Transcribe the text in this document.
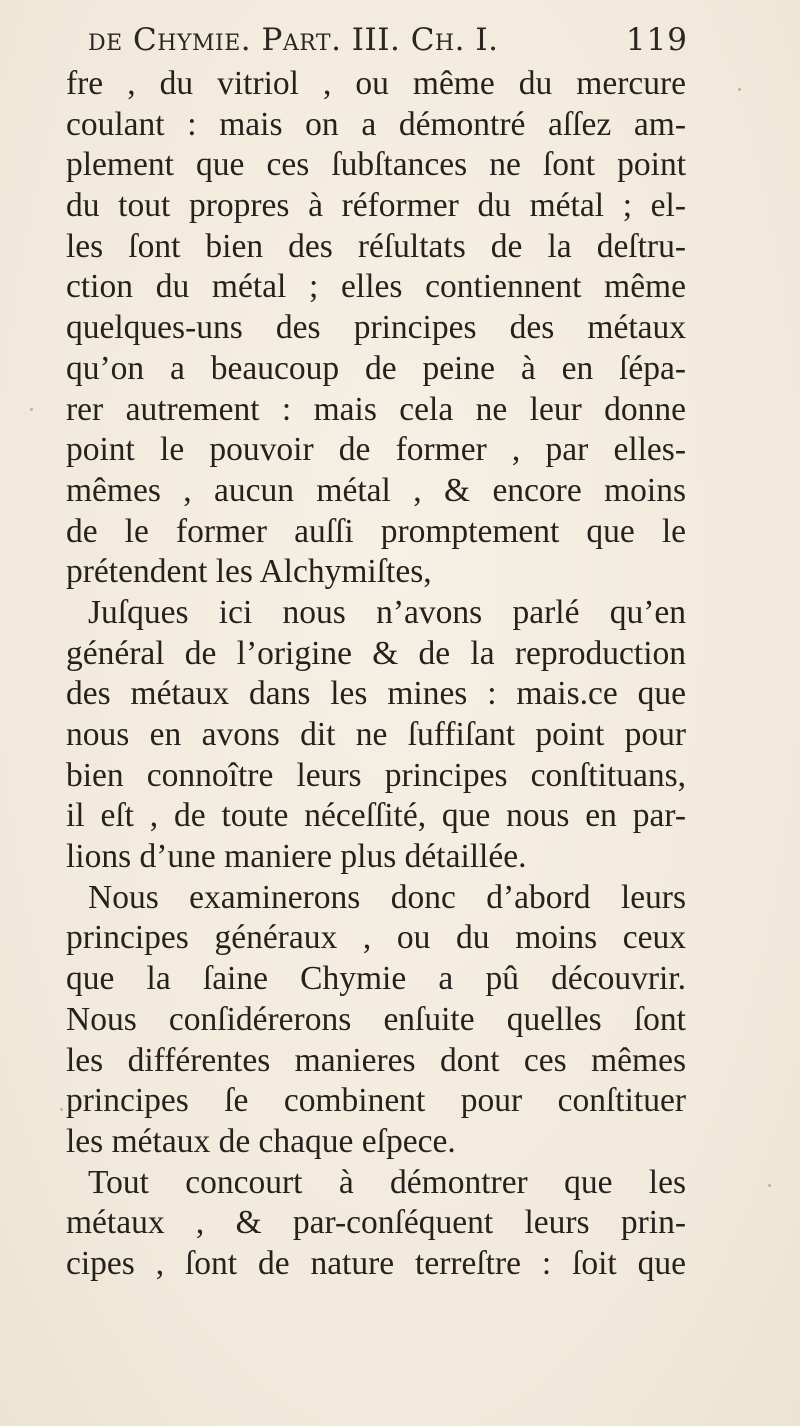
de Chymie. Part. III. Ch. I.	119
fre , du vitriol , ou même du mercure
coulant : mais on a démontré aſſez am-
plement que ces ſubſtances ne ſont point
du tout propres à réformer du métal ; el-
les ſont bien des réſultats de la deſtru-
ction du métal ; elles contiennent même
quelques-uns des principes des métaux
qu’on a beaucoup de peine à en ſépa-
rer autrement : mais cela ne leur donne
point le pouvoir de former , par elles-
mêmes , aucun métal , & encore moins
de le former auſſi promptement que le
prétendent les Alchymiſtes,
Juſques ici nous n’avons parlé qu’en
général de l’origine & de la reproduction
des métaux dans les mines : mais.ce que
nous en avons dit ne ſuffiſant point pour
bien connoître leurs principes conſtituans,
il eſt , de toute néceſſité, que nous en par-
lions d’une maniere plus détaillée.
Nous examinerons donc d’abord leurs
principes généraux , ou du moins ceux
que la ſaine Chymie a pû découvrir.
Nous conſidérerons enſuite quelles ſont
les différentes manieres dont ces mêmes
principes ſe combinent pour conſtituer
les métaux de chaque eſpece.
Tout concourt à démontrer que les
métaux , & par-conſéquent leurs prin-
cipes , ſont de nature terreſtre : ſoit que
